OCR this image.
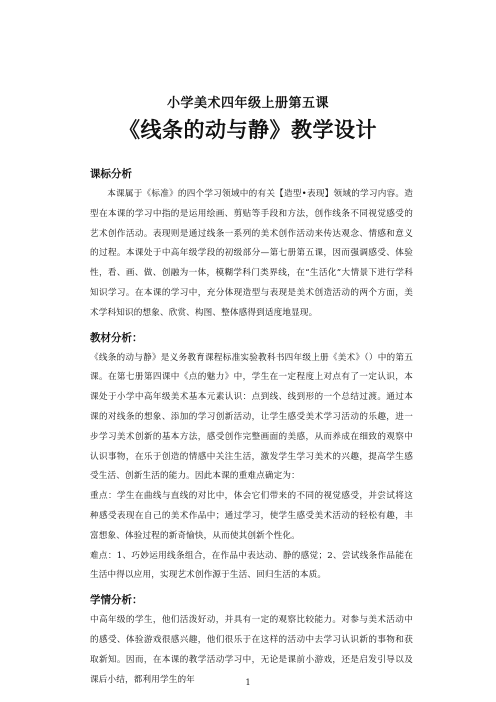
小学美术四年级上册第五课
《线条的动与静》教学设计
课标分析

本课属于《标准》的四个学习领域中的有关【造型•表现】领域的学习内容。造型在本课的学习中指的是运用绘画、剪贴等手段和方法，创作线条不同视觉感受的艺术创作活动。表现则是通过线条一系列的美术创作活动来传达观念、情感和意义的过程。本课处于中高年级学段的初级部分—第七册第五课，因而强调感受、体验性，看、画、做、创融为一体，模糊学科门类界线，在“生活化”大情景下进行学科知识学习。在本课的学习中，充分体现造型与表现是美术创造活动的两个方面，美术学科知识的想象、欣赏、构图、整体感得到适度地显现。

教材分析：

《线条的动与静》是义务教育课程标准实验教科书四年级上册《美术》（）中的第五课。在第七册第四课中《点的魅力》中，学生在一定程度上对点有了一定认识，本课处于小学中高年级美术基本元素认识：点到线、线到形的一个总结过渡。通过本课的对线条的想象、添加的学习创新活动，让学生感受美术学习活动的乐趣，进一步学习美术创新的基本方法，感受创作完整画面的美感，从而养成在细致的观察中认识事物，在乐于创造的情感中关注生活，激发学生学习美术的兴趣，提高学生感受生活、创新生活的能力。因此本课的重难点确定为：

重点：学生在曲线与直线的对比中，体会它们带来的不同的视觉感受，并尝试将这种感受表现在自己的美术作品中；通过学习，使学生感受美术活动的轻松有趣，丰富想象、体验过程的新奇愉快，从而使其创新个性化。

难点：1、巧妙运用线条组合，在作品中表达动、静的感觉；2、尝试线条作品能在生活中得以应用，实现艺术创作源于生活、回归生活的本质。

学情分析：

中高年级的学生，他们活泼好动，并具有一定的观察比较能力。对参与美术活动中的感受、体验游戏很感兴趣，他们很乐于在这样的活动中去学习认识新的事物和获取新知。因而，在本课的教学活动学习中，无论是课前小游戏，还是启发引导以及课后小结，都利用学生的年	1
